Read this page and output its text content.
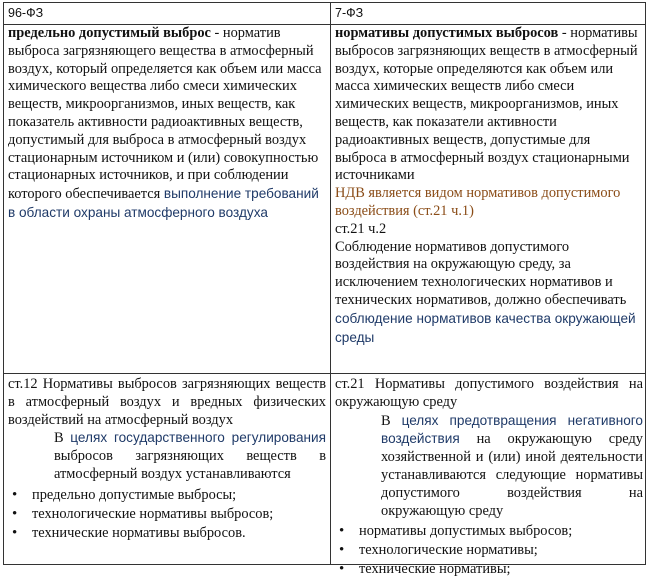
96-ФЗ	7-ФЗ
предельно допустимый выброс - норматив выброса загрязняющего вещества в атмосферный воздух, который определяется как объем или масса химического вещества либо смеси химических веществ, микроорганизмов, иных веществ, как показатель активности радиоактивных веществ, допустимый для выброса в атмосферный воздух стационарным источником и (или) совокупностью стационарных источников, и при соблюдении которого обеспечивается выполнение требований в области охраны атмосферного воздуха
нормативы допустимых выбросов - нормативы выбросов загрязняющих веществ в атмосферный воздух, которые определяются как объем или масса химических веществ либо смеси химических веществ, микроорганизмов, иных веществ, как показатели активности радиоактивных веществ, допустимые для выброса в атмосферный воздух стационарными источниками
НДВ является видом нормативов допустимого воздействия (ст.21 ч.1)
ст.21 ч.2
Соблюдение нормативов допустимого воздействия на окружающую среду, за исключением технологических нормативов и технических нормативов, должно обеспечивать соблюдение нормативов качества окружающей среды
ст.12 Нормативы выбросов загрязняющих веществ в атмосферный воздух и вредных физических воздействий на атмосферный воздух
В целях государственного регулирования выбросов загрязняющих веществ в атмосферный воздух устанавливаются
• предельно допустимые выбросы;
• технологические нормативы выбросов;
• технические нормативы выбросов.
ст.21 Нормативы допустимого воздействия на окружающую среду
В целях предотвращения негативного воздействия на окружающую среду хозяйственной и (или) иной деятельности устанавливаются следующие нормативы допустимого воздействия на окружающую среду
• нормативы допустимых выбросов;
• технологические нормативы;
• технические нормативы;
